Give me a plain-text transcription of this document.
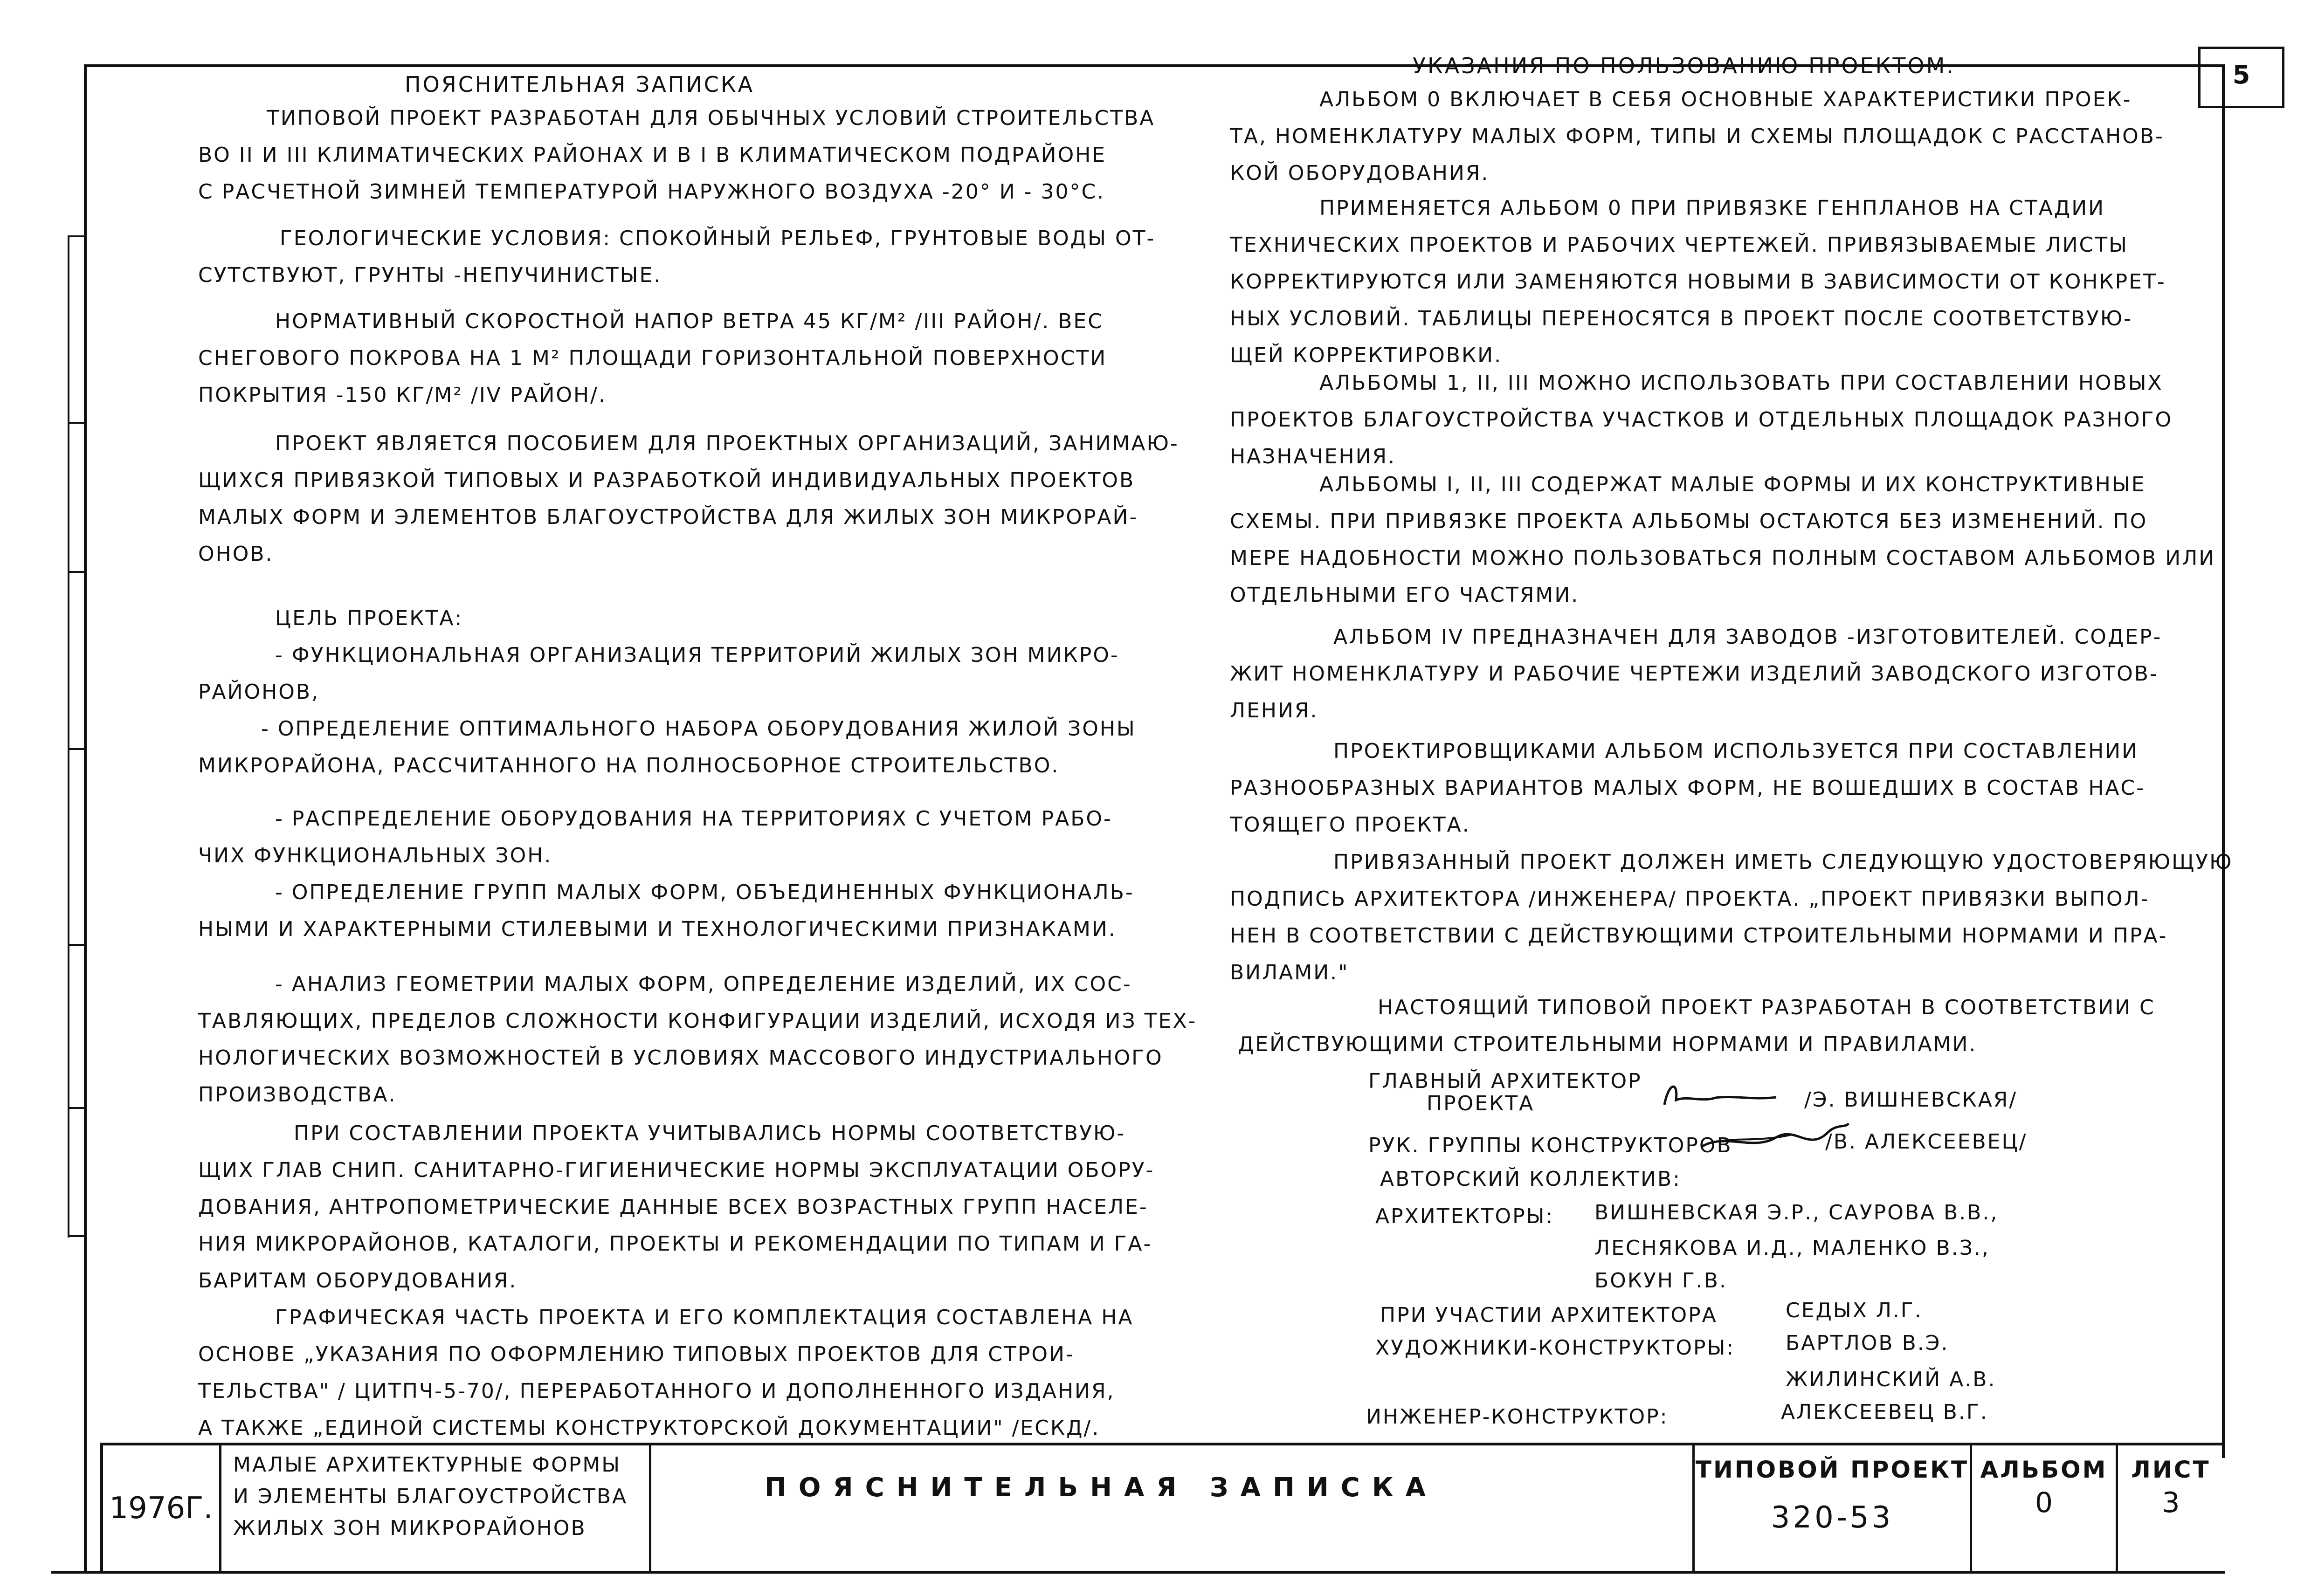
5
ПОЯСНИТЕЛЬНАЯ ЗАПИСКА
ТИПОВОЙ ПРОЕКТ РАЗРАБОТАН ДЛЯ ОБЫЧНЫХ УСЛОВИЙ СТРОИТЕЛЬСТВА
ВО II И III КЛИМАТИЧЕСКИХ РАЙОНАХ И В I В КЛИМАТИЧЕСКОМ ПОДРАЙОНЕ
С РАСЧЕТНОЙ ЗИМНЕЙ ТЕМПЕРАТУРОЙ НАРУЖНОГО ВОЗДУХА -20° И - 30°С.
ГЕОЛОГИЧЕСКИЕ УСЛОВИЯ: СПОКОЙНЫЙ РЕЛЬЕФ, ГРУНТОВЫЕ ВОДЫ ОТ-
СУТСТВУЮТ, ГРУНТЫ -НЕПУЧИНИСТЫЕ.
НОРМАТИВНЫЙ СКОРОСТНОЙ НАПОР ВЕТРА 45 КГ/М² /III РАЙОН/. ВЕС
СНЕГОВОГО ПОКРОВА НА 1 М² ПЛОЩАДИ ГОРИЗОНТАЛЬНОЙ ПОВЕРХНОСТИ
ПОКРЫТИЯ -150 КГ/М² /IV РАЙОН/.
ПРОЕКТ ЯВЛЯЕТСЯ ПОСОБИЕМ ДЛЯ ПРОЕКТНЫХ ОРГАНИЗАЦИЙ, ЗАНИМАЮ-
ЩИХСЯ ПРИВЯЗКОЙ ТИПОВЫХ И РАЗРАБОТКОЙ ИНДИВИДУАЛЬНЫХ ПРОЕКТОВ
МАЛЫХ ФОРМ И ЭЛЕМЕНТОВ БЛАГОУСТРОЙСТВА ДЛЯ ЖИЛЫХ ЗОН МИКРОРАЙ-
ОНОВ.
ЦЕЛЬ ПРОЕКТА:
- ФУНКЦИОНАЛЬНАЯ ОРГАНИЗАЦИЯ ТЕРРИТОРИЙ ЖИЛЫХ ЗОН МИКРО-
РАЙОНОВ,
- ОПРЕДЕЛЕНИЕ ОПТИМАЛЬНОГО НАБОРА ОБОРУДОВАНИЯ ЖИЛОЙ ЗОНЫ
МИКРОРАЙОНА, РАССЧИТАННОГО НА ПОЛНОСБОРНОЕ СТРОИТЕЛЬСТВО.
- РАСПРЕДЕЛЕНИЕ ОБОРУДОВАНИЯ НА ТЕРРИТОРИЯХ С УЧЕТОМ РАБО-
ЧИХ ФУНКЦИОНАЛЬНЫХ ЗОН.
- ОПРЕДЕЛЕНИЕ ГРУПП МАЛЫХ ФОРМ, ОБЪЕДИНЕННЫХ ФУНКЦИОНАЛЬ-
НЫМИ И ХАРАКТЕРНЫМИ СТИЛЕВЫМИ И ТЕХНОЛОГИЧЕСКИМИ ПРИЗНАКАМИ.
- АНАЛИЗ ГЕОМЕТРИИ МАЛЫХ ФОРМ, ОПРЕДЕЛЕНИЕ ИЗДЕЛИЙ, ИХ СОС-
ТАВЛЯЮЩИХ, ПРЕДЕЛОВ СЛОЖНОСТИ КОНФИГУРАЦИИ ИЗДЕЛИЙ, ИСХОДЯ ИЗ ТЕХ-
НОЛОГИЧЕСКИХ ВОЗМОЖНОСТЕЙ В УСЛОВИЯХ МАССОВОГО ИНДУСТРИАЛЬНОГО
ПРОИЗВОДСТВА.
ПРИ СОСТАВЛЕНИИ ПРОЕКТА УЧИТЫВАЛИСЬ НОРМЫ СООТВЕТСТВУЮ-
ЩИХ ГЛАВ СНИП. САНИТАРНО-ГИГИЕНИЧЕСКИЕ НОРМЫ ЭКСПЛУАТАЦИИ ОБОРУ-
ДОВАНИЯ, АНТРОПОМЕТРИЧЕСКИЕ ДАННЫЕ ВСЕХ ВОЗРАСТНЫХ ГРУПП НАСЕЛЕ-
НИЯ МИКРОРАЙОНОВ, КАТАЛОГИ, ПРОЕКТЫ И РЕКОМЕНДАЦИИ ПО ТИПАМ И ГА-
БАРИТАМ ОБОРУДОВАНИЯ.
ГРАФИЧЕСКАЯ ЧАСТЬ ПРОЕКТА И ЕГО КОМПЛЕКТАЦИЯ СОСТАВЛЕНА НА
ОСНОВЕ „УКАЗАНИЯ ПО ОФОРМЛЕНИЮ ТИПОВЫХ ПРОЕКТОВ ДЛЯ СТРОИ-
ТЕЛЬСТВА" / ЦИТПЧ-5-70/, ПЕРЕРАБОТАННОГО И ДОПОЛНЕННОГО ИЗДАНИЯ,
А ТАКЖЕ „ЕДИНОЙ СИСТЕМЫ КОНСТРУКТОРСКОЙ ДОКУМЕНТАЦИИ" /ЕСКД/.
УКАЗАНИЯ ПО ПОЛЬЗОВАНИЮ ПРОЕКТОМ.
АЛЬБОМ 0 ВКЛЮЧАЕТ В СЕБЯ ОСНОВНЫЕ ХАРАКТЕРИСТИКИ ПРОЕК-
ТА, НОМЕНКЛАТУРУ МАЛЫХ ФОРМ, ТИПЫ И СХЕМЫ ПЛОЩАДОК С РАССТАНОВ-
КОЙ ОБОРУДОВАНИЯ.
ПРИМЕНЯЕТСЯ АЛЬБОМ 0 ПРИ ПРИВЯЗКЕ ГЕНПЛАНОВ НА СТАДИИ
ТЕХНИЧЕСКИХ ПРОЕКТОВ И РАБОЧИХ ЧЕРТЕЖЕЙ. ПРИВЯЗЫВАЕМЫЕ ЛИСТЫ
КОРРЕКТИРУЮТСЯ ИЛИ ЗАМЕНЯЮТСЯ НОВЫМИ В ЗАВИСИМОСТИ ОТ КОНКРЕТ-
НЫХ УСЛОВИЙ. ТАБЛИЦЫ ПЕРЕНОСЯТСЯ В ПРОЕКТ ПОСЛЕ СООТВЕТСТВУЮ-
ЩЕЙ КОРРЕКТИРОВКИ.
АЛЬБОМЫ 1, II, III МОЖНО ИСПОЛЬЗОВАТЬ ПРИ СОСТАВЛЕНИИ НОВЫХ
ПРОЕКТОВ БЛАГОУСТРОЙСТВА УЧАСТКОВ И ОТДЕЛЬНЫХ ПЛОЩАДОК РАЗНОГО
НАЗНАЧЕНИЯ.
АЛЬБОМЫ I, II, III СОДЕРЖАТ МАЛЫЕ ФОРМЫ И ИХ КОНСТРУКТИВНЫЕ
СХЕМЫ. ПРИ ПРИВЯЗКЕ ПРОЕКТА АЛЬБОМЫ ОСТАЮТСЯ БЕЗ ИЗМЕНЕНИЙ. ПО
МЕРЕ НАДОБНОСТИ МОЖНО ПОЛЬЗОВАТЬСЯ ПОЛНЫМ СОСТАВОМ АЛЬБОМОВ ИЛИ
ОТДЕЛЬНЫМИ ЕГО ЧАСТЯМИ.
АЛЬБОМ IV ПРЕДНАЗНАЧЕН ДЛЯ ЗАВОДОВ -ИЗГОТОВИТЕЛЕЙ. СОДЕР-
ЖИТ НОМЕНКЛАТУРУ И РАБОЧИЕ ЧЕРТЕЖИ ИЗДЕЛИЙ ЗАВОДСКОГО ИЗГОТОВ-
ЛЕНИЯ.
ПРОЕКТИРОВЩИКАМИ АЛЬБОМ ИСПОЛЬЗУЕТСЯ ПРИ СОСТАВЛЕНИИ
РАЗНООБРАЗНЫХ ВАРИАНТОВ МАЛЫХ ФОРМ, НЕ ВОШЕДШИХ В СОСТАВ НАС-
ТОЯЩЕГО ПРОЕКТА.
ПРИВЯЗАННЫЙ ПРОЕКТ ДОЛЖЕН ИМЕТЬ СЛЕДУЮЩУЮ УДОСТОВЕРЯЮЩУЮ
ПОДПИСЬ АРХИТЕКТОРА /ИНЖЕНЕРА/ ПРОЕКТА. „ПРОЕКТ ПРИВЯЗКИ ВЫПОЛ-
НЕН В СООТВЕТСТВИИ С ДЕЙСТВУЮЩИМИ СТРОИТЕЛЬНЫМИ НОРМАМИ И ПРА-
ВИЛАМИ."
НАСТОЯЩИЙ ТИПОВОЙ ПРОЕКТ РАЗРАБОТАН В СООТВЕТСТВИИ С
ДЕЙСТВУЮЩИМИ СТРОИТЕЛЬНЫМИ НОРМАМИ И ПРАВИЛАМИ.
ГЛАВНЫЙ АРХИТЕКТОР
ПРОЕКТА	/Э. ВИШНЕВСКАЯ/
РУК. ГРУППЫ КОНСТРУКТОРОВ	/В. АЛЕКСЕЕВЕЦ/
АВТОРСКИЙ КОЛЛЕКТИВ:
АРХИТЕКТОРЫ: ВИШНЕВСКАЯ Э.Р., САУРОВА В.В.,
ЛЕСНЯКОВА И.Д., МАЛЕНКО В.З.,
БОКУН Г.В.
ПРИ УЧАСТИИ АРХИТЕКТОРА	СЕДЫХ Л.Г.
ХУДОЖНИКИ-КОНСТРУКТОРЫ: БАРТЛОВ В.Э.
ЖИЛИНСКИЙ А.В.
ИНЖЕНЕР-КОНСТРУКТОР:	АЛЕКСЕЕВЕЦ В.Г.
1976Г.
МАЛЫЕ АРХИТЕКТУРНЫЕ ФОРМЫ
И ЭЛЕМЕНТЫ БЛАГОУСТРОЙСТВА
ЖИЛЫХ ЗОН МИКРОРАЙОНОВ
ПОЯСНИТЕЛЬНАЯ ЗАПИСКА
ТИПОВОЙ ПРОЕКТ
320-53
АЛЬБОМ
0
ЛИСТ
3
